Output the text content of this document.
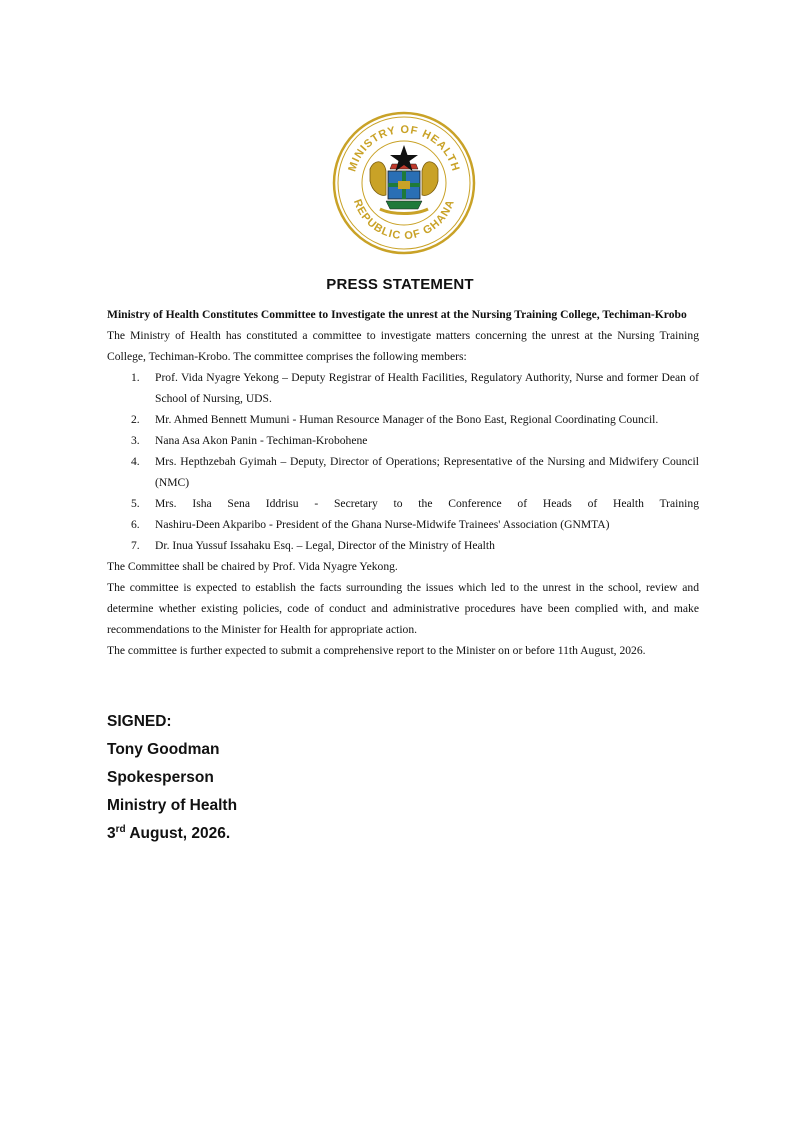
MINISTRY OF HEALTH
REPUBLIC OF GHANA
PRESS STATEMENT

Ministry of Health Constitutes Committee to Investigate the unrest at the Nursing Training College, Techiman-Krobo

The Ministry of Health has constituted a committee to investigate matters concerning the unrest at the Nursing Training College, Techiman-Krobo. The committee comprises the following members:

1. Prof. Vida Nyagre Yekong – Deputy Registrar of Health Facilities, Regulatory Authority, Nurse and former Dean of School of Nursing, UDS.
2. Mr. Ahmed Bennett Mumuni - Human Resource Manager of the Bono East, Regional Coordinating Council.
3. Nana Asa Akon Panin - Techiman-Krobohene
4. Mrs. Hepthzebah Gyimah – Deputy, Director of Operations; Representative of the Nursing and Midwifery Council (NMC)
5. Mrs. Isha Sena Iddrisu - Secretary to the Conference of Heads of Health Training
6. Nashiru-Deen Akparibo - President of the Ghana Nurse-Midwife Trainees' Association (GNMTA)
7. Dr. Inua Yussuf Issahaku Esq. – Legal, Director of the Ministry of Health

The Committee shall be chaired by Prof. Vida Nyagre Yekong.

The committee is expected to establish the facts surrounding the issues which led to the unrest in the school, review and determine whether existing policies, code of conduct and administrative procedures have been complied with, and make recommendations to the Minister for Health for appropriate action.

The committee is further expected to submit a comprehensive report to the Minister on or before 11th August, 2026.

SIGNED:
Tony Goodman
Spokesperson
Ministry of Health
3rd August, 2026.
